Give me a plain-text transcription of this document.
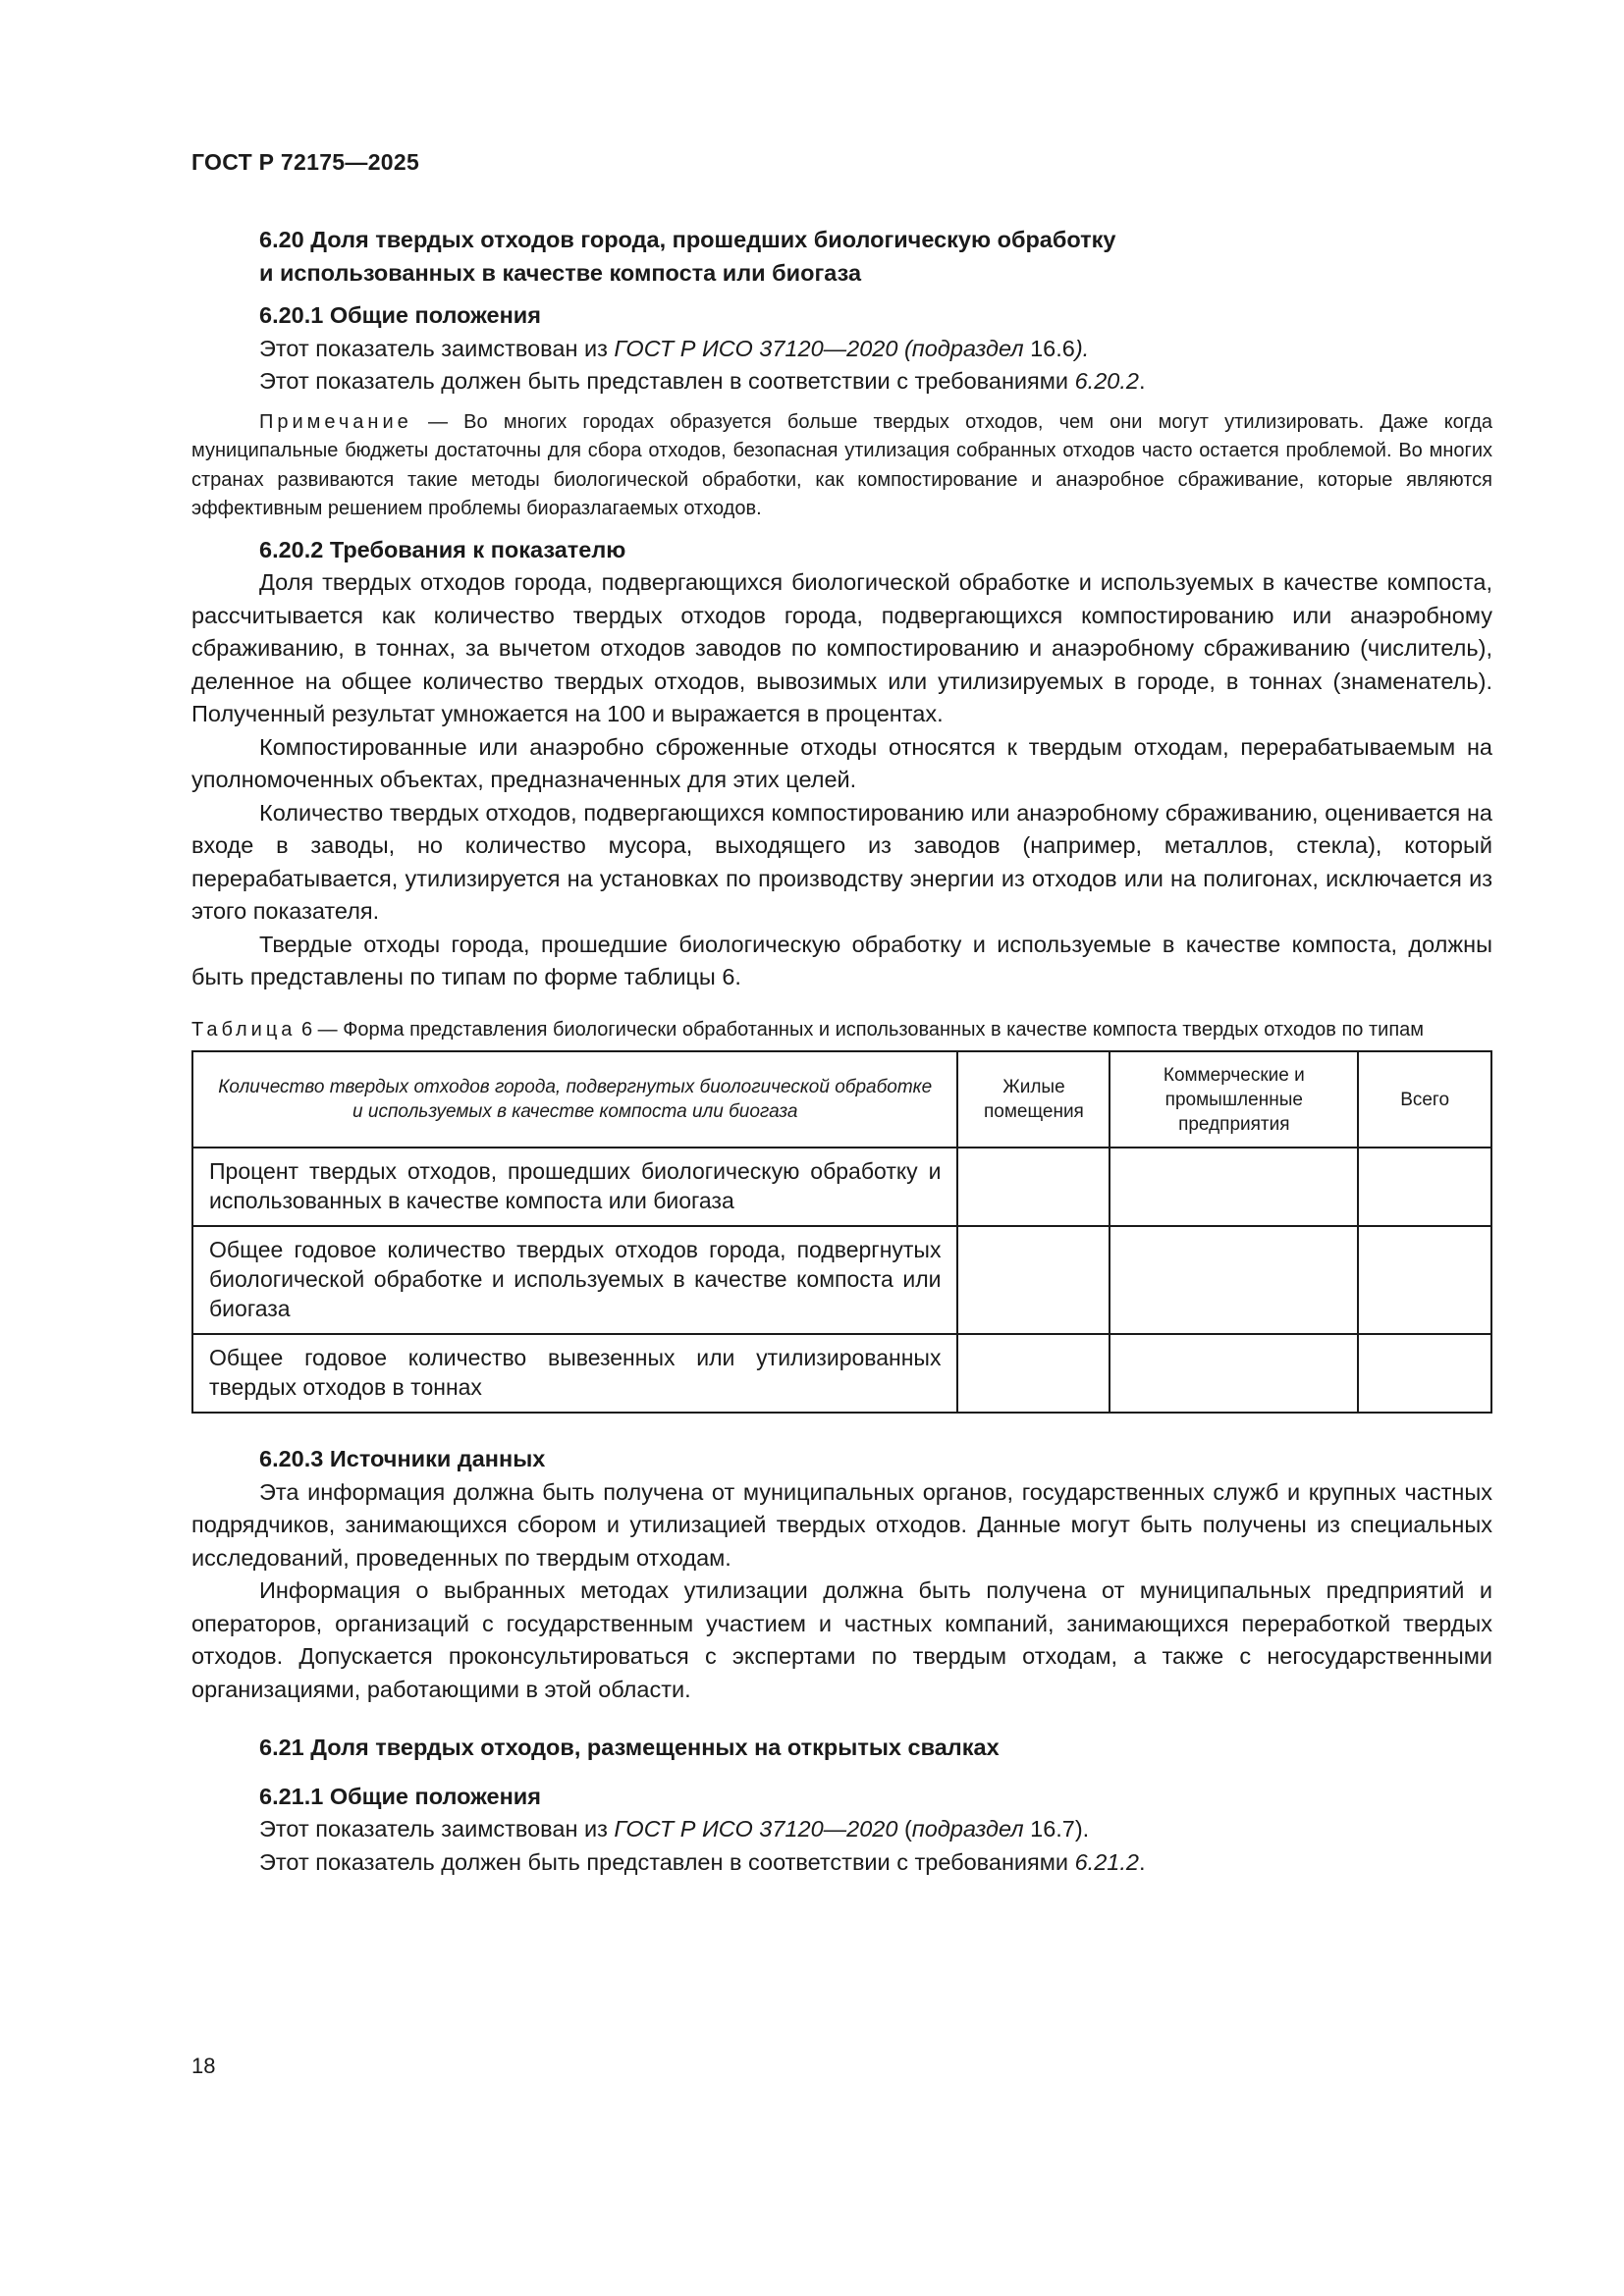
ГОСТ Р 72175—2025
6.20 Доля твердых отходов города, прошедших биологическую обработку
и использованных в качестве компоста или биогаза
6.20.1 Общие положения

Этот показатель заимствован из ГОСТ Р ИСО 37120—2020 (подраздел 16.6).

Этот показатель должен быть представлен в соответствии с требованиями 6.20.2.

Примечание — Во многих городах образуется больше твердых отходов, чем они могут утилизировать. Даже когда муниципальные бюджеты достаточны для сбора отходов, безопасная утилизация собранных отходов часто остается проблемой. Во многих странах развиваются такие методы биологической обработки, как компостирование и анаэробное сбраживание, которые являются эффективным решением проблемы биоразлагаемых отходов.
6.20.2 Требования к показателю

Доля твердых отходов города, подвергающихся биологической обработке и используемых в качестве компоста, рассчитывается как количество твердых отходов города, подвергающихся компостированию или анаэробному сбраживанию, в тоннах, за вычетом отходов заводов по компостированию и анаэробному сбраживанию (числитель), деленное на общее количество твердых отходов, вывозимых или утилизируемых в городе, в тоннах (знаменатель). Полученный результат умножается на 100 и выражается в процентах.

Компостированные или анаэробно сброженные отходы относятся к твердым отходам, перерабатываемым на уполномоченных объектах, предназначенных для этих целей.

Количество твердых отходов, подвергающихся компостированию или анаэробному сбраживанию, оценивается на входе в заводы, но количество мусора, выходящего из заводов (например, металлов, стекла), который перерабатывается, утилизируется на установках по производству энергии из отходов или на полигонах, исключается из этого показателя.

Твердые отходы города, прошедшие биологическую обработку и используемые в качестве компоста, должны быть представлены по типам по форме таблицы 6.

Таблица 6 — Форма представления биологически обработанных и использованных в качестве компоста твердых отходов по типам
Количество твердых отходов города, подвергнутых биологической обработке и используемых в качестве компоста или биогаза	Жилые помещения	Коммерческие и промышленные предприятия	Всего
Процент твердых отходов, прошедших биологическую обработку и использованных в качестве компоста или биогаза			
Общее годовое количество твердых отходов города, подвергнутых биологической обработке и используемых в качестве компоста или биогаза			
Общее годовое количество вывезенных или утилизированных твердых отходов в тоннах			
6.20.3 Источники данных

Эта информация должна быть получена от муниципальных органов, государственных служб и крупных частных подрядчиков, занимающихся сбором и утилизацией твердых отходов. Данные могут быть получены из специальных исследований, проведенных по твердым отходам.

Информация о выбранных методах утилизации должна быть получена от муниципальных предприятий и операторов, организаций с государственным участием и частных компаний, занимающихся переработкой твердых отходов. Допускается проконсультироваться с экспертами по твердым отходам, а также с негосударственными организациями, работающими в этой области.

6.21 Доля твердых отходов, размещенных на открытых свалках
6.21.1 Общие положения

Этот показатель заимствован из ГОСТ Р ИСО 37120—2020 (подраздел 16.7).

Этот показатель должен быть представлен в соответствии с требованиями 6.21.2.

18
